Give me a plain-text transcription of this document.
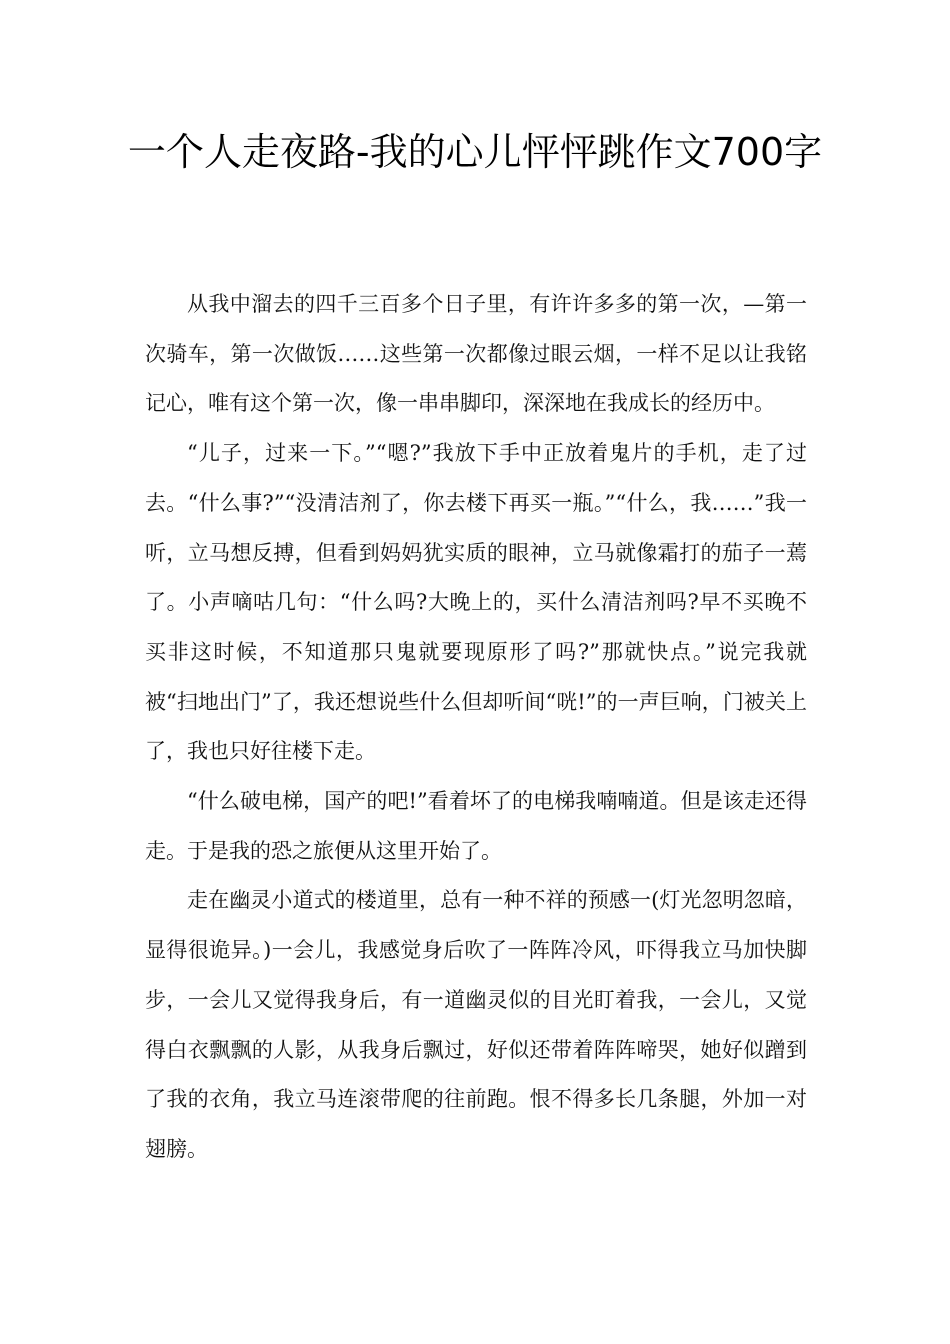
一个人走夜路-我的心儿怦怦跳作文700字

从我中溜去的四千三百多个日子里，有许许多多的第一次，—第一次骑车，第一次做饭……这些第一次都像过眼云烟，一样不足以让我铭记心，唯有这个第一次，像一串串脚印，深深地在我成长的经历中。

“儿子，过来一下。”“嗯?”我放下手中正放着鬼片的手机，走了过去。“什么事?”“没清洁剂了，你去楼下再买一瓶。”“什么，我……”我一听，立马想反搏，但看到妈妈犹实质的眼神，立马就像霜打的茄子一蔫了。小声嘀咕几句：“什么吗?大晚上的，买什么清洁剂吗?早不买晚不买非这时候，不知道那只鬼就要现原形了吗?”那就快点。”说完我就被“扫地出门”了，我还想说些什么但却听间“咣!”的一声巨响，门被关上了，我也只好往楼下走。

“什么破电梯，国产的吧!”看着坏了的电梯我喃喃道。但是该走还得走。于是我的恐之旅便从这里开始了。

走在幽灵小道式的楼道里，总有一种不祥的预感一(灯光忽明忽暗，显得很诡异。)一会儿，我感觉身后吹了一阵阵冷风，吓得我立马加快脚步，一会儿又觉得我身后，有一道幽灵似的目光盯着我，一会儿，又觉得白衣飘飘的人影，从我身后飘过，好似还带着阵阵啼哭，她好似蹭到了我的衣角，我立马连滚带爬的往前跑。恨不得多长几条腿，外加一对翅膀。
